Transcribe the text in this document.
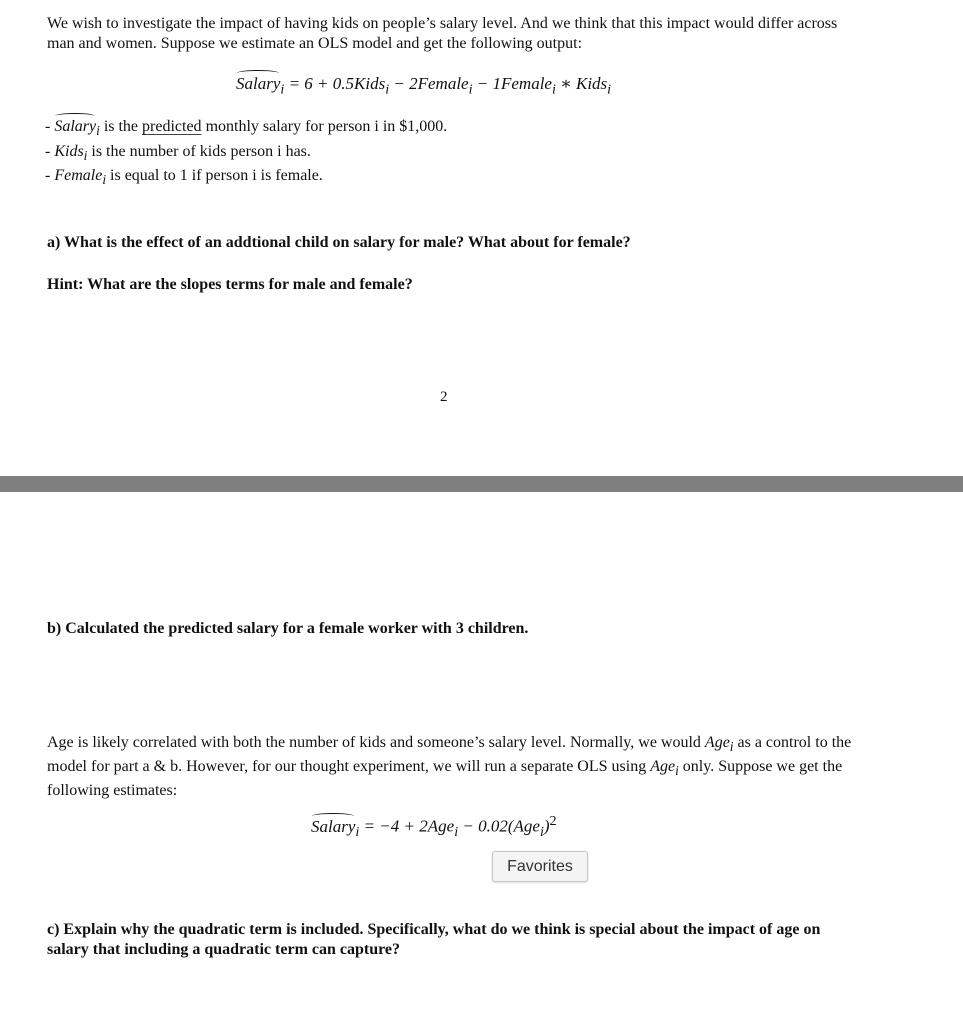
We wish to investigate the impact of having kids on people’s salary level. And we think that this impact would differ across man and women. Suppose we estimate an OLS model and get the following output:

Salary$_i$ = 6 + 0.5Kids$_i$ − 2Female$_i$ − 1Female$_i$ ∗ Kids$_i$
- Salary$_i$ is the predicted monthly salary for person i in $1,000.
- Kids$_i$ is the number of kids person i has.
- Female$_i$ is equal to 1 if person i is female.

a) What is the effect of an addtional child on salary for male? What about for female?

Hint: What are the slopes terms for male and female?

2

b) Calculated the predicted salary for a female worker with 3 children.

Age is likely correlated with both the number of kids and someone’s salary level. Normally, we would Age$_i$ as a control to the model for part a & b. However, for our thought experiment, we will run a separate OLS using Age$_i$ only. Suppose we get the following estimates:

Salary$_i$ = $-4 + 2Age_i - 0.02(Age_i)^2$
Favorites

c) Explain why the quadratic term is included. Specifically, what do we think is special about the impact of age on salary that including a quadratic term can capture?
